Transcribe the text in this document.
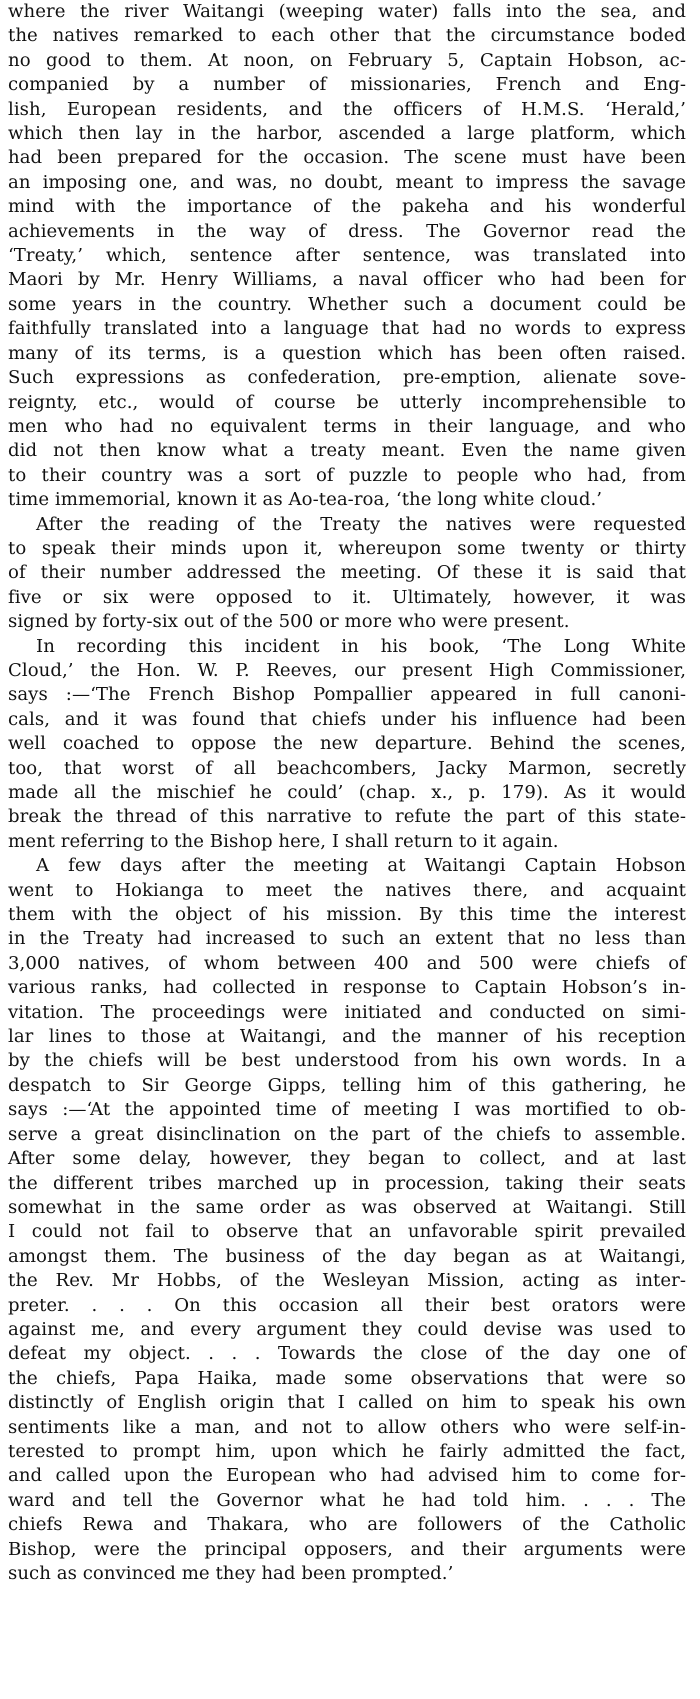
where the river Waitangi (weeping water) falls into the sea, and
the natives remarked to each other that the circumstance boded
no good to them. At noon, on February 5, Captain Hobson, ac-
companied by a number of missionaries, French and Eng-
lish, European residents, and the officers of H.M.S. ‘Herald,’
which then lay in the harbor, ascended a large platform, which
had been prepared for the occasion. The scene must have been
an imposing one, and was, no doubt, meant to impress the savage
mind with the importance of the pakeha and his wonderful
achievements in the way of dress. The Governor read the
‘Treaty,’ which, sentence after sentence, was translated into
Maori by Mr. Henry Williams, a naval officer who had been for
some years in the country. Whether such a document could be
faithfully translated into a language that had no words to express
many of its terms, is a question which has been often raised.
Such expressions as confederation, pre-emption, alienate sove-
reignty, etc., would of course be utterly incomprehensible to
men who had no equivalent terms in their language, and who
did not then know what a treaty meant. Even the name given
to their country was a sort of puzzle to people who had, from
time immemorial, known it as Ao-tea-roa, ‘the long white cloud.’

After the reading of the Treaty the natives were requested
to speak their minds upon it, whereupon some twenty or thirty
of their number addressed the meeting. Of these it is said that
five or six were opposed to it. Ultimately, however, it was
signed by forty-six out of the 500 or more who were present.

In recording this incident in his book, ‘The Long White
Cloud,’ the Hon. W. P. Reeves, our present High Commissioner,
says :—‘The French Bishop Pompallier appeared in full canoni-
cals, and it was found that chiefs under his influence had been
well coached to oppose the new departure. Behind the scenes,
too, that worst of all beachcombers, Jacky Marmon, secretly
made all the mischief he could’ (chap. x., p. 179). As it would
break the thread of this narrative to refute the part of this state-
ment referring to the Bishop here, I shall return to it again.

A few days after the meeting at Waitangi Captain Hobson
went to Hokianga to meet the natives there, and acquaint
them with the object of his mission. By this time the interest
in the Treaty had increased to such an extent that no less than
3,000 natives, of whom between 400 and 500 were chiefs of
various ranks, had collected in response to Captain Hobson’s in-
vitation. The proceedings were initiated and conducted on simi-
lar lines to those at Waitangi, and the manner of his reception
by the chiefs will be best understood from his own words. In a
despatch to Sir George Gipps, telling him of this gathering, he
says :—‘At the appointed time of meeting I was mortified to ob-
serve a great disinclination on the part of the chiefs to assemble.
After some delay, however, they began to collect, and at last
the different tribes marched up in procession, taking their seats
somewhat in the same order as was observed at Waitangi. Still
I could not fail to observe that an unfavorable spirit prevailed
amongst them. The business of the day began as at Waitangi,
the Rev. Mr Hobbs, of the Wesleyan Mission, acting as inter-
preter. . . . On this occasion all their best orators were
against me, and every argument they could devise was used to
defeat my object. . . . Towards the close of the day one of
the chiefs, Papa Haika, made some observations that were so
distinctly of English origin that I called on him to speak his own
sentiments like a man, and not to allow others who were self-in-
terested to prompt him, upon which he fairly admitted the fact,
and called upon the European who had advised him to come for-
ward and tell the Governor what he had told him. . . . The
chiefs Rewa and Thakara, who are followers of the Catholic
Bishop, were the principal opposers, and their arguments were
such as convinced me they had been prompted.’
